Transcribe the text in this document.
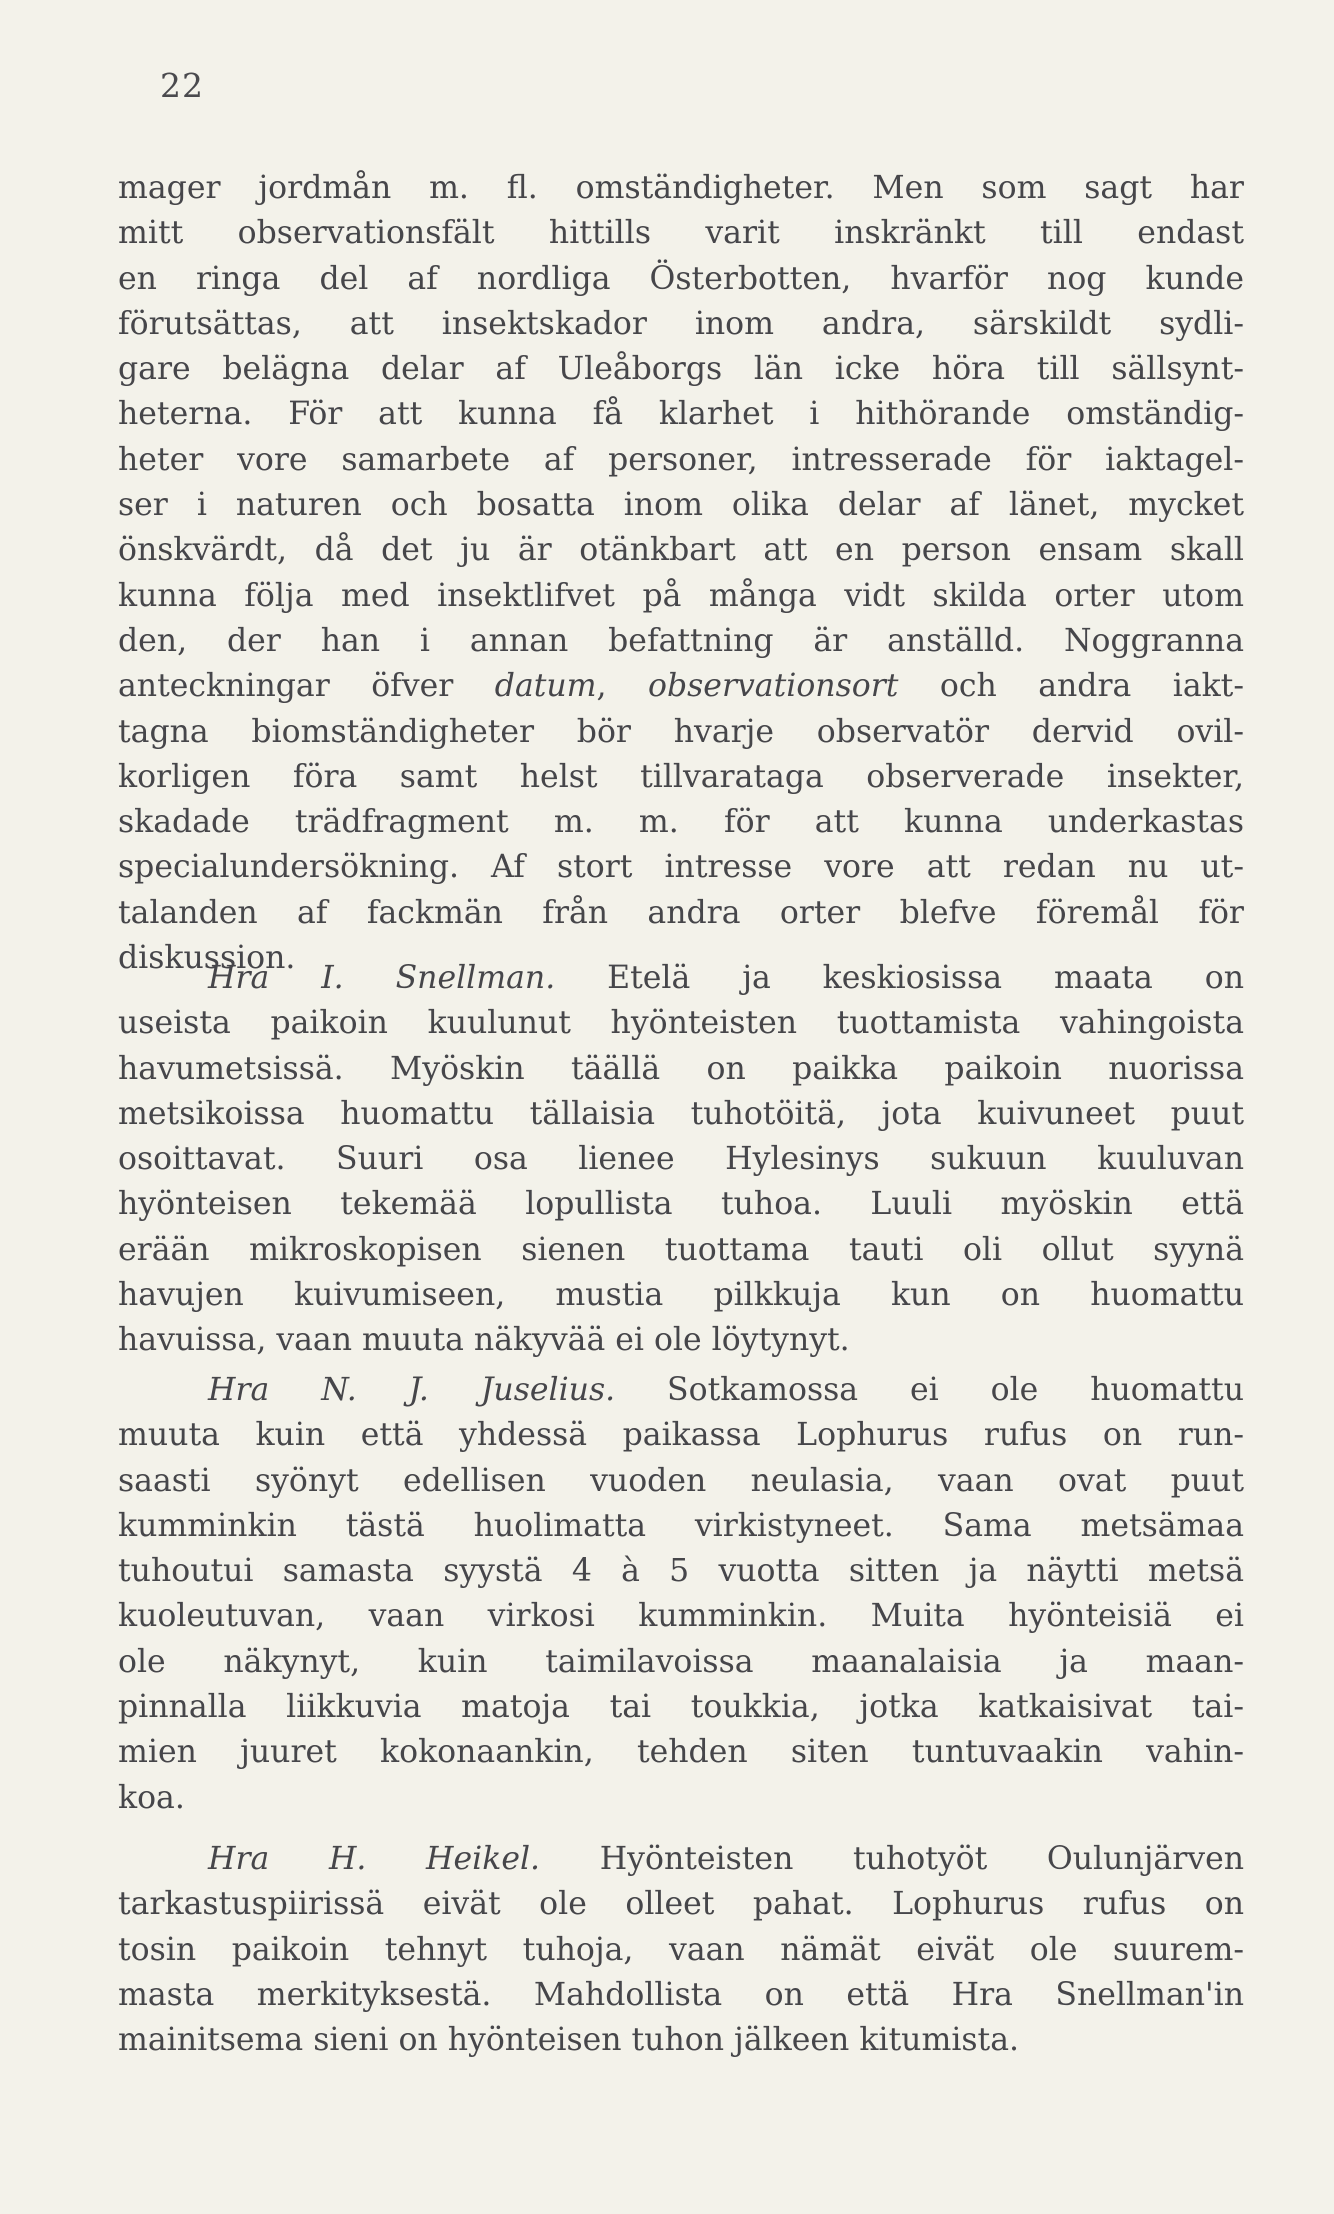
22
mager jordmån m. fl. omständigheter. Men som sagt har
mitt observationsfält hittills varit inskränkt till endast
en ringa del af nordliga Österbotten, hvarför nog kunde
förutsättas, att insektskador inom andra, särskildt sydli-
gare belägna delar af Uleåborgs län icke höra till sällsynt-
heterna. För att kunna få klarhet i hithörande omständig-
heter vore samarbete af personer, intresserade för iaktagel-
ser i naturen och bosatta inom olika delar af länet, mycket
önskvärdt, då det ju är otänkbart att en person ensam skall
kunna följa med insektlifvet på många vidt skilda orter utom
den, der han i annan befattning är anställd. Noggranna
anteckningar öfver datum, observationsort och andra iakt-
tagna biomständigheter bör hvarje observatör dervid ovil-
korligen föra samt helst tillvarataga observerade insekter,
skadade trädfragment m. m. för att kunna underkastas
specialundersökning. Af stort intresse vore att redan nu ut-
talanden af fackmän från andra orter blefve föremål för
diskussion.
Hra I. Snellman. Etelä ja keskiosissa maata on
useista paikoin kuulunut hyönteisten tuottamista vahingoista
havumetsissä. Myöskin täällä on paikka paikoin nuorissa
metsikoissa huomattu tällaisia tuhotöitä, jota kuivuneet puut
osoittavat. Suuri osa lienee Hylesinys sukuun kuuluvan
hyönteisen tekemää lopullista tuhoa. Luuli myöskin että
erään mikroskopisen sienen tuottama tauti oli ollut syynä
havujen kuivumiseen, mustia pilkkuja kun on huomattu
havuissa, vaan muuta näkyvää ei ole löytynyt.
Hra N. J. Juselius. Sotkamossa ei ole huomattu
muuta kuin että yhdessä paikassa Lophurus rufus on run-
saasti syönyt edellisen vuoden neulasia, vaan ovat puut
kumminkin tästä huolimatta virkistyneet. Sama metsämaa
tuhoutui samasta syystä 4 à 5 vuotta sitten ja näytti metsä
kuoleutuvan, vaan virkosi kumminkin. Muita hyönteisiä ei
ole näkynyt, kuin taimilavoissa maanalaisia ja maan-
pinnalla liikkuvia matoja tai toukkia, jotka katkaisivat tai-
mien juuret kokonaankin, tehden siten tuntuvaakin vahin-
koa.
Hra H. Heikel. Hyönteisten tuhotyöt Oulunjärven
tarkastuspiirissä eivät ole olleet pahat. Lophurus rufus on
tosin paikoin tehnyt tuhoja, vaan nämät eivät ole suurem-
masta merkityksestä. Mahdollista on että Hra Snellman'in
mainitsema sieni on hyönteisen tuhon jälkeen kitumista.
